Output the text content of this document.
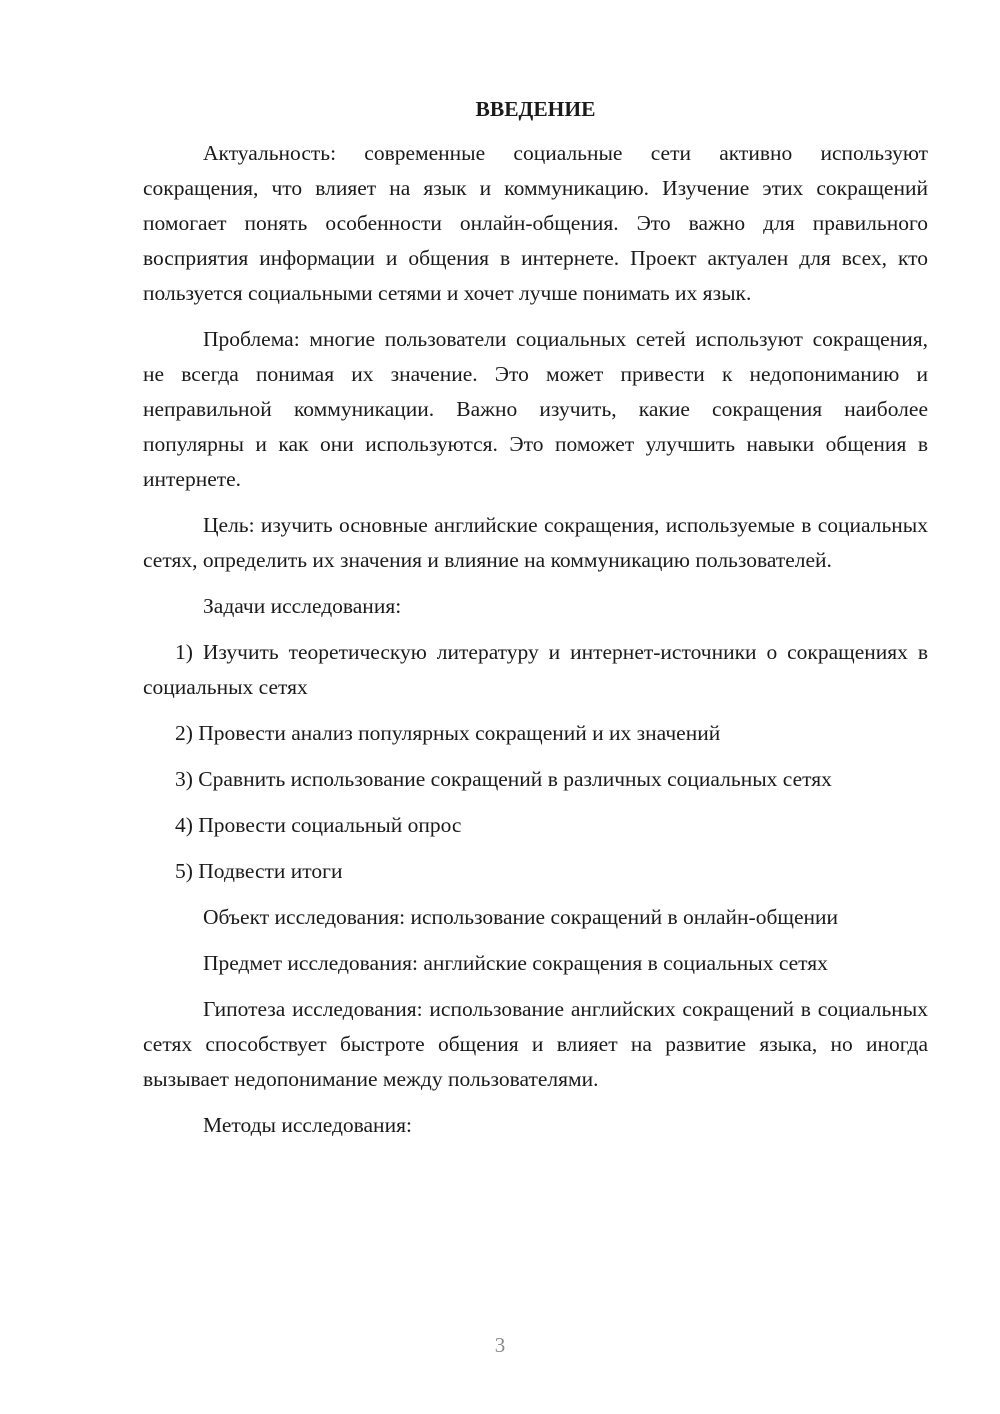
ВВЕДЕНИЕ

Актуальность: современные социальные сети активно используют сокращения, что влияет на язык и коммуникацию. Изучение этих сокращений помогает понять особенности онлайн-общения. Это важно для правильного восприятия информации и общения в интернете. Проект актуален для всех, кто пользуется социальными сетями и хочет лучше понимать их язык.

Проблема: многие пользователи социальных сетей используют сокращения, не всегда понимая их значение. Это может привести к недопониманию и неправильной коммуникации. Важно изучить, какие сокращения наиболее популярны и как они используются. Это поможет улучшить навыки общения в интернете.

Цель: изучить основные английские сокращения, используемые в социальных сетях, определить их значения и влияние на коммуникацию пользователей.

Задачи исследования:

1) Изучить теоретическую литературу и интернет-источники о сокращениях в социальных сетях

2) Провести анализ популярных сокращений и их значений

3) Сравнить использование сокращений в различных социальных сетях

4) Провести социальный опрос

5) Подвести итоги

Объект исследования: использование сокращений в онлайн-общении

Предмет исследования: английские сокращения в социальных сетях

Гипотеза исследования: использование английских сокращений в социальных сетях способствует быстроте общения и влияет на развитие языка, но иногда вызывает недопонимание между пользователями.

Методы исследования:

3
